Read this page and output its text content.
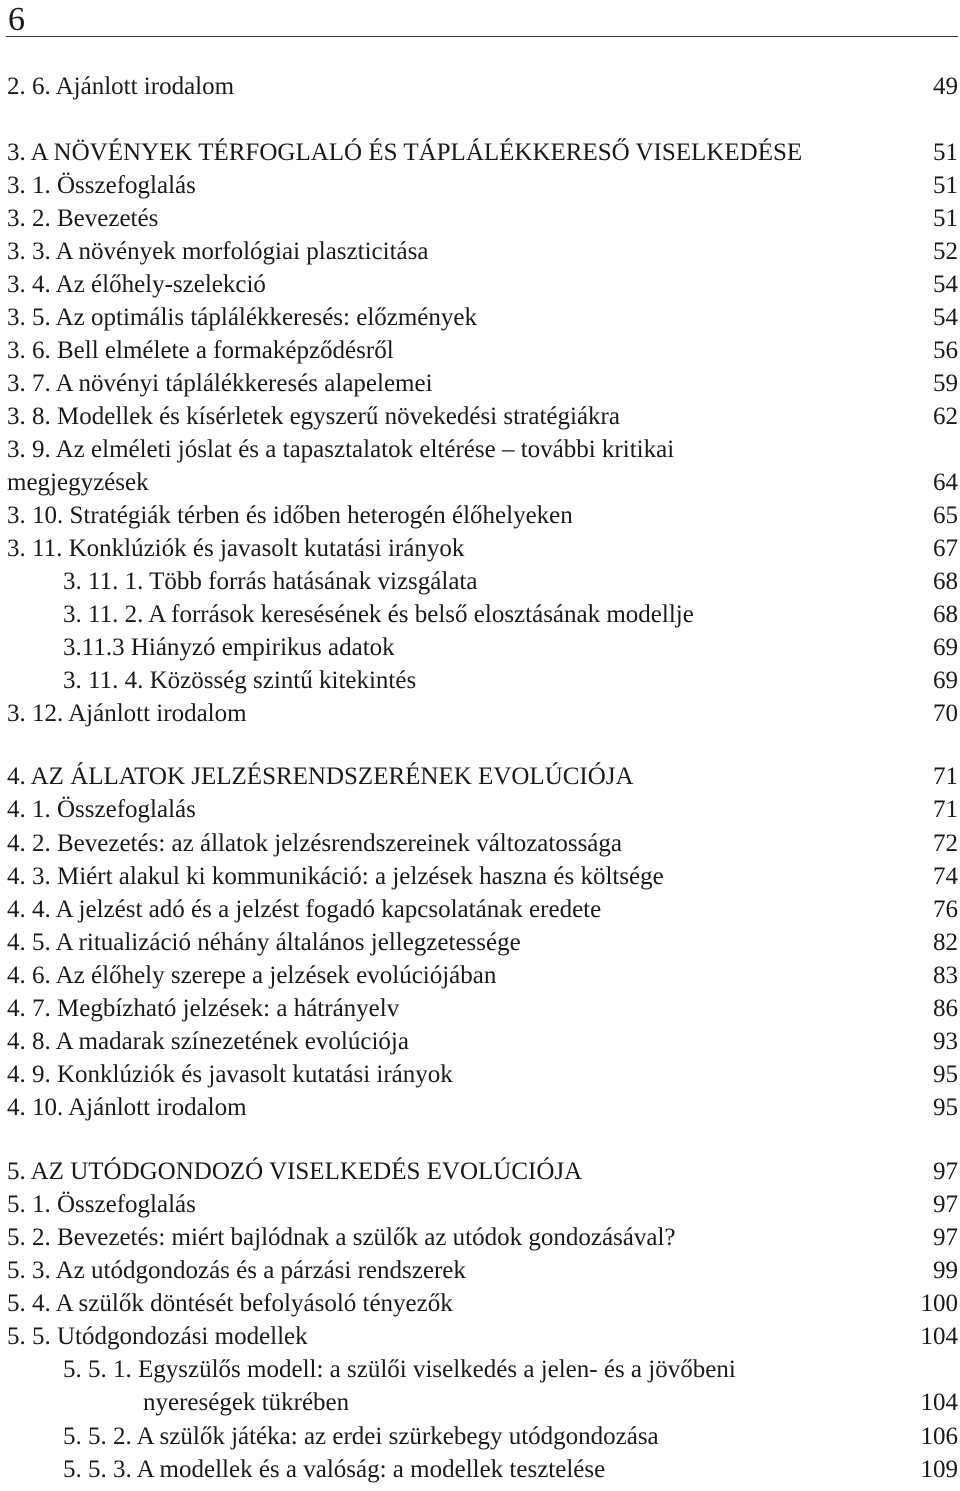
6
2. 6. Ajánlott irodalom	49
3. A NÖVÉNYEK TÉRFOGLALÓ ÉS TÁPLÁLÉKKERESŐ VISELKEDÉSE	51
3. 1. Összefoglalás	51
3. 2. Bevezetés	51
3. 3. A növények morfológiai plaszticitása	52
3. 4. Az élőhely-szelekció	54
3. 5. Az optimális táplálékkeresés: előzmények	54
3. 6. Bell elmélete a formaképződésről	56
3. 7. A növényi táplálékkeresés alapelemei	59
3. 8. Modellek és kísérletek egyszerű növekedési stratégiákra	62
3. 9. Az elméleti jóslat és a tapasztalatok eltérése – további kritikai
megjegyzések	64
3. 10. Stratégiák térben és időben heterogén élőhelyeken	65
3. 11. Konklúziók és javasolt kutatási irányok	67
3. 11. 1. Több forrás hatásának vizsgálata	68
3. 11. 2. A források keresésének és belső elosztásának modellje	68
3.11.3 Hiányzó empirikus adatok	69
3. 11. 4. Közösség szintű kitekintés	69
3. 12. Ajánlott irodalom	70
4. AZ ÁLLATOK JELZÉSRENDSZERÉNEK EVOLÚCIÓJA	71
4. 1. Összefoglalás	71
4. 2. Bevezetés: az állatok jelzésrendszereinek változatossága	72
4. 3. Miért alakul ki kommunikáció: a jelzések haszna és költsége	74
4. 4. A jelzést adó és a jelzést fogadó kapcsolatának eredete	76
4. 5. A ritualizáció néhány általános jellegzetessége	82
4. 6. Az élőhely szerepe a jelzések evolúciójában	83
4. 7. Megbízható jelzések: a hátrányelv	86
4. 8. A madarak színezetének evolúciója	93
4. 9. Konklúziók és javasolt kutatási irányok	95
4. 10. Ajánlott irodalom	95
5. AZ UTÓDGONDOZÓ VISELKEDÉS EVOLÚCIÓJA	97
5. 1. Összefoglalás	97
5. 2. Bevezetés: miért bajlódnak a szülők az utódok gondozásával?	97
5. 3. Az utódgondozás és a párzási rendszerek	99
5. 4. A szülők döntését befolyásoló tényezők	100
5. 5. Utódgondozási modellek	104
5. 5. 1. Egyszülős modell: a szülői viselkedés a jelen- és a jövőbeni
nyereségek tükrében	104
5. 5. 2. A szülők játéka: az erdei szürkebegy utódgondozása	106
5. 5. 3. A modellek és a valóság: a modellek tesztelése	109
